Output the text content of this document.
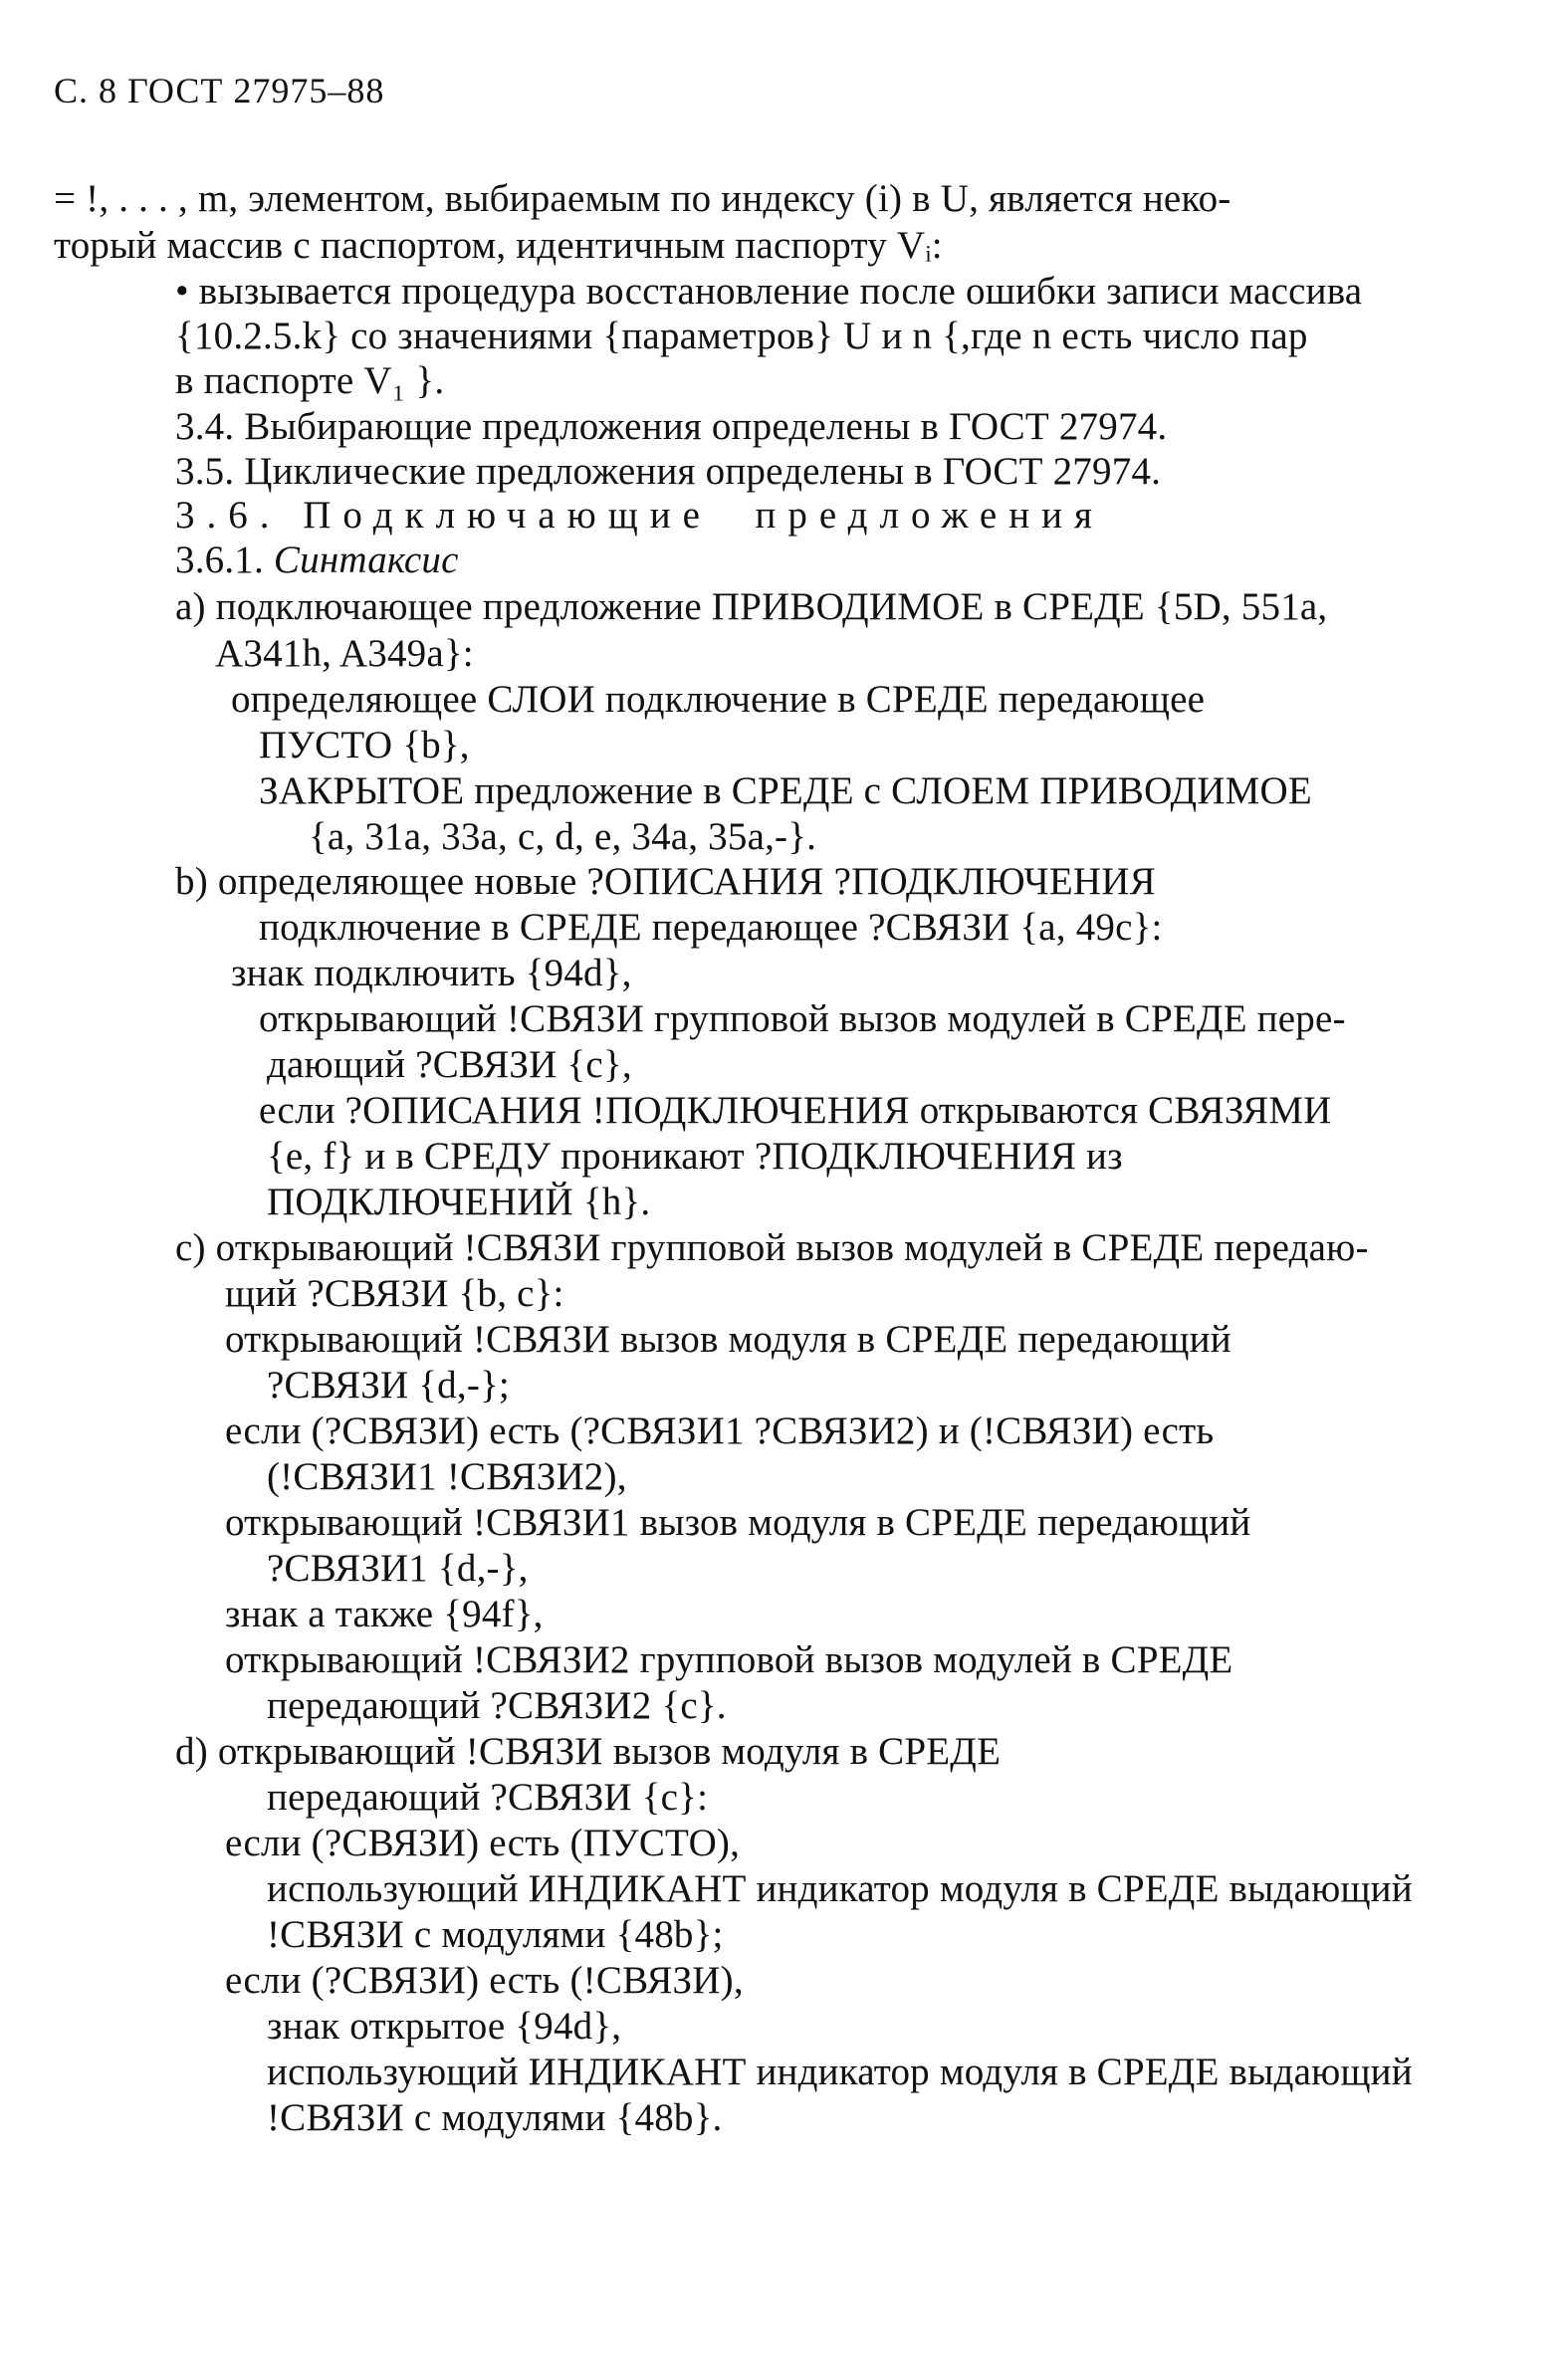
С. 8 ГОСТ 27975–88
= !, . . . , m, элементом, выбираемым по индексу (i) в U, является неко-
торый массив с паспортом, идентичным паспорту Vᵢ:
• вызывается процедура восстановление после ошибки записи массива
{10.2.5.k} со значениями {параметров} U и n {,где n есть число пар
в паспорте V₁ }.
3.4. Выбирающие предложения определены в ГОСТ 27974.
3.5. Циклические предложения определены в ГОСТ 27974.
3.6. Подключающие  предложения
3.6.1. Синтаксис
а) подключающее предложение ПРИВОДИМОЕ в СРЕДЕ {5D, 551a,
A341h, A349a}:
определяющее СЛОИ подключение в СРЕДЕ передающее
ПУСТО {b},
ЗАКРЫТОЕ предложение в СРЕДЕ с СЛОЕМ ПРИВОДИМОЕ
{a, 31a, 33a, c, d, e, 34a, 35a,-}.
b) определяющее новые ?ОПИСАНИЯ ?ПОДКЛЮЧЕНИЯ
подключение в СРЕДЕ передающее ?СВЯЗИ {a, 49c}:
знак подключить {94d},
открывающий !СВЯЗИ групповой вызов модулей в СРЕДЕ пере-
дающий ?СВЯЗИ {c},
если ?ОПИСАНИЯ !ПОДКЛЮЧЕНИЯ открываются СВЯЗЯМИ
{e, f} и в СРЕДУ проникают ?ПОДКЛЮЧЕНИЯ из
ПОДКЛЮЧЕНИЙ {h}.
c) открывающий !СВЯЗИ групповой вызов модулей в СРЕДЕ передаю-
щий ?СВЯЗИ {b, c}:
открывающий !СВЯЗИ вызов модуля в СРЕДЕ передающий
?СВЯЗИ {d,-};
если (?СВЯЗИ) есть (?СВЯЗИ1 ?СВЯЗИ2) и (!СВЯЗИ) есть
(!СВЯЗИ1 !СВЯЗИ2),
открывающий !СВЯЗИ1 вызов модуля в СРЕДЕ передающий
?СВЯЗИ1 {d,-},
знак а также {94f},
открывающий !СВЯЗИ2 групповой вызов модулей в СРЕДЕ
передающий ?СВЯЗИ2 {c}.
d) открывающий !СВЯЗИ вызов модуля в СРЕДЕ
передающий ?СВЯЗИ {c}:
если (?СВЯЗИ) есть (ПУСТО),
использующий ИНДИКАНТ индикатор модуля в СРЕДЕ выдающий
!СВЯЗИ с модулями {48b};
если (?СВЯЗИ) есть (!СВЯЗИ),
знак открытое {94d},
использующий ИНДИКАНТ индикатор модуля в СРЕДЕ выдающий
!СВЯЗИ с модулями {48b}.
